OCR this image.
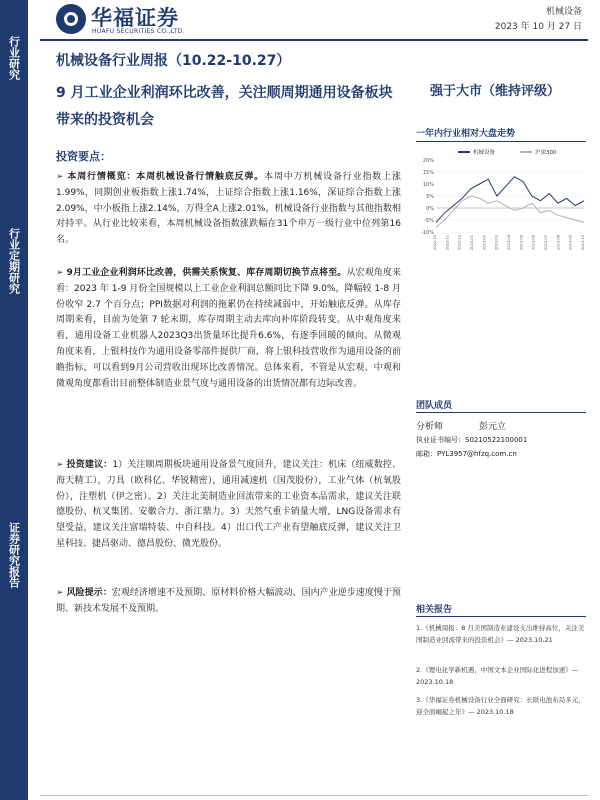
行业研究
行业定期研究
证券研究报告
华福证券
HUAFU SECURITIES CO.,LTD.
机械设备
2023 年 10 月 27 日
机械设备行业周报（10.22-10.27）
9 月工业企业利润环比改善，关注顺周期通用设备板块带来的投资机会
强于大市（维持评级）
投资要点：

➢ 本周行情概览：本周机械设备行情触底反弹。本周中万机械设备行业指数上涨1.99%，同期创业板指数上涨1.74%，上证综合指数上涨1.16%，深证综合指数上涨2.09%，中小板指上涨2.14%，万得全A上涨2.01%，机械设备行业指数与其他指数相对持平。从行业比较来看，本周机械设备指数涨跌幅在31个申万一级行业中位列第16名。

➢ 9月工业企业利润环比改善，供需关系恢复、库存周期切换节点将至。从宏观角度来看：2023 年 1-9 月份全国规模以上工业企业利润总额同比下降 9.0%，降幅较 1-8 月份收窄 2.7 个百分点；PPI数据对利润的拖累仍在持续减弱中，开始触底反弹。从库存周期来看，目前为处第 7 轮末期，库存周期主动去库向补库阶段转变。从中观角度来看，通用设备工业机器人2023Q3出货量环比提升6.6%，有逐季回暖的倾向。从微观角度来看，上银科技作为通用设备零部件提供厂商，将上银科技营收作为通用设备的前瞻指标，可以看到9月公司营收出现环比改善情况。总体来看，不管是从宏观、中观和微观角度都看出目前整体制造业景气度与通用设备的出货情况都有边际改善。

➢ 投资建议：1）关注顺周期板块通用设备景气度回升，建议关注：机床（纽威数控、海天精工），刀具（欧科亿、华锐精密），通用减速机（国茂股份），工业气体（杭氧股份），注塑机（伊之密）。2）关注北美制造业回流带来的工业资本品需求，建议关注联德股份、杭叉集团、安徽合力、浙江鼎力。3）天然气重卡销量大增，LNG设备需求有望受益，建议关注富瑞特装、中自科技。4）出口代工产业有望触底反弹，建议关注卫星科技、捷昌驱动、德昌股份、微光股份。

➢ 风险提示：宏观经济增速不及预期、原材料价格大幅波动、国内产业逆步速度慢于预期、新技术发展不及预期。

一年内行业相对大盘走势
20%
15%
10%
5%
0%
-5%
-10%
2022-10 2022-11 2022-12 2023-01 2023-02 2023-03 2023-04 2023-05 2023-06 2023-07 2023-08 2023-09 2023-10
机械设备	沪深300
团队成员
分析师	彭元立
执业证书编号：S0210522100001
邮箱：PYL3957@hfzq.com.cn
相关报告
1.《机械周报：8 月美国制造业建设支出维持高位，关注美国制造业回流带来的投资机会》— 2023.10.21
2.《锂电化学新机遇，中国文本企业国际化进程加速》— 2023.10.18
3.《华福证券机械设备行业全面研究：长联电池布局多元，迎全面崛起之年》— 2023.10.18
